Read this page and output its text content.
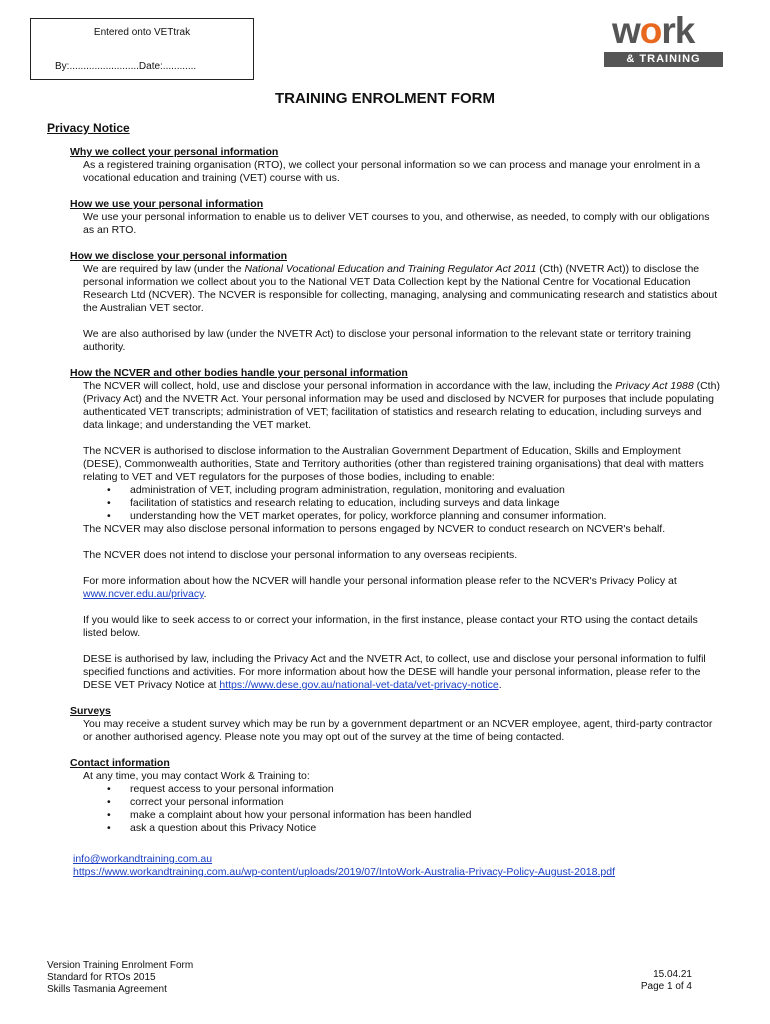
Entered onto VETtrak
By:.........................Date:............
work
& TRAINING
TRAINING ENROLMENT FORM
Privacy Notice
Why we collect your personal information
As a registered training organisation (RTO), we collect your personal information so we can process and manage your enrolment in a vocational education and training (VET) course with us.
How we use your personal information
We use your personal information to enable us to deliver VET courses to you, and otherwise, as needed, to comply with our obligations as an RTO.
How we disclose your personal information
We are required by law (under the National Vocational Education and Training Regulator Act 2011 (Cth) (NVETR Act)) to disclose the personal information we collect about you to the National VET Data Collection kept by the National Centre for Vocational Education Research Ltd (NCVER). The NCVER is responsible for collecting, managing, analysing and communicating research and statistics about the Australian VET sector.
We are also authorised by law (under the NVETR Act) to disclose your personal information to the relevant state or territory training authority.
How the NCVER and other bodies handle your personal information
The NCVER will collect, hold, use and disclose your personal information in accordance with the law, including the Privacy Act 1988 (Cth) (Privacy Act) and the NVETR Act. Your personal information may be used and disclosed by NCVER for purposes that include populating authenticated VET transcripts; administration of VET; facilitation of statistics and research relating to education, including surveys and data linkage; and understanding the VET market.
The NCVER is authorised to disclose information to the Australian Government Department of Education, Skills and Employment (DESE), Commonwealth authorities, State and Territory authorities (other than registered training organisations) that deal with matters relating to VET and VET regulators for the purposes of those bodies, including to enable:
• administration of VET, including program administration, regulation, monitoring and evaluation
• facilitation of statistics and research relating to education, including surveys and data linkage
• understanding how the VET market operates, for policy, workforce planning and consumer information.
The NCVER may also disclose personal information to persons engaged by NCVER to conduct research on NCVER's behalf.
The NCVER does not intend to disclose your personal information to any overseas recipients.
For more information about how the NCVER will handle your personal information please refer to the NCVER's Privacy Policy at www.ncver.edu.au/privacy.
If you would like to seek access to or correct your information, in the first instance, please contact your RTO using the contact details listed below.
DESE is authorised by law, including the Privacy Act and the NVETR Act, to collect, use and disclose your personal information to fulfil specified functions and activities. For more information about how the DESE will handle your personal information, please refer to the DESE VET Privacy Notice at https://www.dese.gov.au/national-vet-data/vet-privacy-notice.
Surveys
You may receive a student survey which may be run by a government department or an NCVER employee, agent, third-party contractor or another authorised agency. Please note you may opt out of the survey at the time of being contacted.
Contact information
At any time, you may contact Work & Training to:
• request access to your personal information
• correct your personal information
• make a complaint about how your personal information has been handled
• ask a question about this Privacy Notice
info@workandtraining.com.au
https://www.workandtraining.com.au/wp-content/uploads/2019/07/IntoWork-Australia-Privacy-Policy-August-2018.pdf
Version Training Enrolment Form
Standard for RTOs 2015
Skills Tasmania Agreement
15.04.21
Page 1 of 4
